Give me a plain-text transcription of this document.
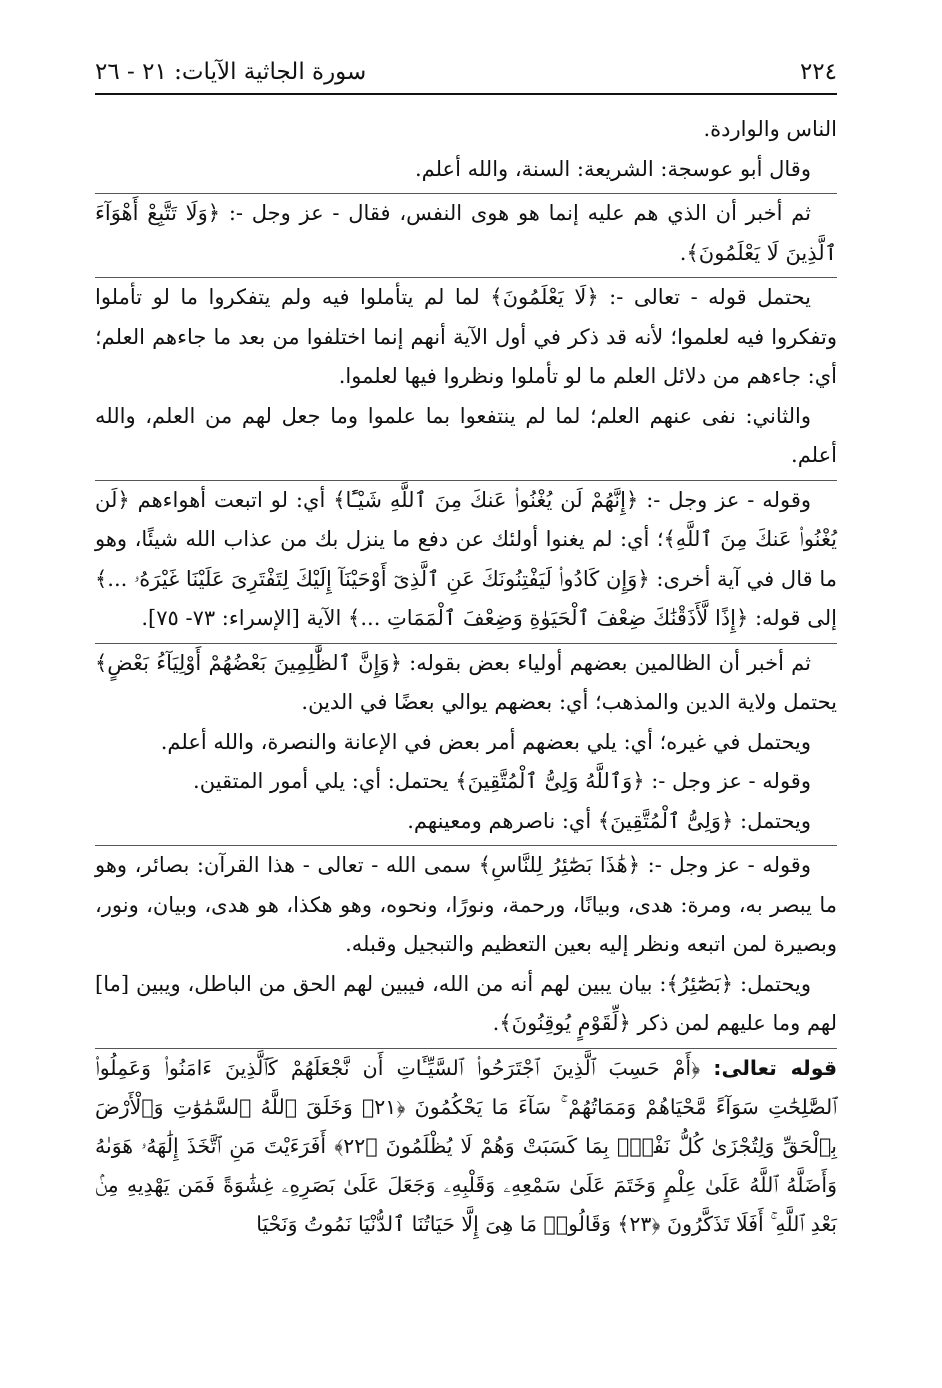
٢٢٤
سورة الجاثية الآيات: ٢١ - ٢٦

الناس والواردة.

وقال أبو عوسجة: الشريعة: السنة، والله أعلم.

ثم أخبر أن الذي هم عليه إنما هو هوى النفس، فقال - عز وجل -: ﴿وَلَا تَتَّبِعْ أَهْوَآءَ ٱلَّذِينَ لَا يَعْلَمُونَ﴾.

يحتمل قوله - تعالى -: ﴿لَا يَعْلَمُونَ﴾ لما لم يتأملوا فيه ولم يتفكروا ما لو تأملوا وتفكروا فيه لعلموا؛ لأنه قد ذكر في أول الآية أنهم إنما اختلفوا من بعد ما جاءهم العلم؛ أي: جاءهم من دلائل العلم ما لو تأملوا ونظروا فيها لعلموا.

والثاني: نفى عنهم العلم؛ لما لم ينتفعوا بما علموا وما جعل لهم من العلم، والله أعلم.

وقوله - عز وجل -: ﴿إِنَّهُمْ لَن يُغْنُوا۟ عَنكَ مِنَ ٱللَّهِ شَيْـًٔا﴾ أي: لو اتبعت أهواءهم ﴿لَن يُغْنُوا۟ عَنكَ مِنَ ٱللَّهِ﴾؛ أي: لم يغنوا أولئك عن دفع ما ينزل بك من عذاب الله شيئًا، وهو ما قال في آية أخرى: ﴿وَإِن كَادُوا۟ لَيَفْتِنُونَكَ عَنِ ٱلَّذِىٓ أَوْحَيْنَآ إِلَيْكَ لِتَفْتَرِىَ عَلَيْنَا غَيْرَهُۥ ...﴾ إلى قوله: ﴿إِذًا لَّأَذَقْنَٰكَ ضِعْفَ ٱلْحَيَوٰةِ وَضِعْفَ ٱلْمَمَاتِ ...﴾ الآية [الإسراء: ٧٣- ٧٥].

ثم أخبر أن الظالمين بعضهم أولياء بعض بقوله: ﴿وَإِنَّ ٱلظَّٰلِمِينَ بَعْضُهُمْ أَوْلِيَآءُ بَعْضٍ﴾ يحتمل ولاية الدين والمذهب؛ أي: بعضهم يوالي بعضًا في الدين.

ويحتمل في غيره؛ أي: يلي بعضهم أمر بعض في الإعانة والنصرة، والله أعلم.

وقوله - عز وجل -: ﴿وَٱللَّهُ وَلِىُّ ٱلْمُتَّقِينَ﴾ يحتمل: أي: يلي أمور المتقين.

ويحتمل: ﴿وَلِىُّ ٱلْمُتَّقِينَ﴾ أي: ناصرهم ومعينهم.

وقوله - عز وجل -: ﴿هَٰذَا بَصَٰٓئِرُ لِلنَّاسِ﴾ سمى الله - تعالى - هذا القرآن: بصائر، وهو ما يبصر به، ومرة: هدى، وبيانًا، ورحمة، ونورًا، ونحوه، وهو هكذا، هو هدى، وبيان، ونور، وبصيرة لمن اتبعه ونظر إليه بعين التعظيم والتبجيل وقبله.

ويحتمل: ﴿بَصَٰٓئِرُ﴾: بيان يبين لهم أنه من الله، فيبين لهم الحق من الباطل، ويبين [ما] لهم وما عليهم لمن ذكر ﴿لِّقَوْمٍ يُوقِنُونَ﴾.

قوله تعالى: ﴿أَمْ حَسِبَ ٱلَّذِينَ ٱجْتَرَحُوا۟ ٱلسَّيِّـَٔاتِ أَن نَّجْعَلَهُمْ كَٱلَّذِينَ ءَامَنُوا۟ وَعَمِلُوا۟ ٱلصَّٰلِحَٰتِ سَوَآءً مَّحْيَاهُمْ وَمَمَاتُهُمْ ۚ سَآءَ مَا يَحْكُمُونَ ﴿٢١﴾ وَخَلَقَ ٱللَّهُ ٱلسَّمَٰوَٰتِ وَٱلْأَرْضَ بِٱلْحَقِّ وَلِتُجْزَىٰ كُلُّ نَفْسٍۭ بِمَا كَسَبَتْ وَهُمْ لَا يُظْلَمُونَ ﴿٢٢﴾ أَفَرَءَيْتَ مَنِ ٱتَّخَذَ إِلَٰهَهُۥ هَوَىٰهُ وَأَضَلَّهُ ٱللَّهُ عَلَىٰ عِلْمٍ وَخَتَمَ عَلَىٰ سَمْعِهِۦ وَقَلْبِهِۦ وَجَعَلَ عَلَىٰ بَصَرِهِۦ غِشَٰوَةً فَمَن يَهْدِيهِ مِنۢ بَعْدِ ٱللَّهِ ۚ أَفَلَا تَذَكَّرُونَ ﴿٢٣﴾ وَقَالُوا۟ مَا هِىَ إِلَّا حَيَاتُنَا ٱلدُّنْيَا نَمُوتُ وَنَحْيَا
